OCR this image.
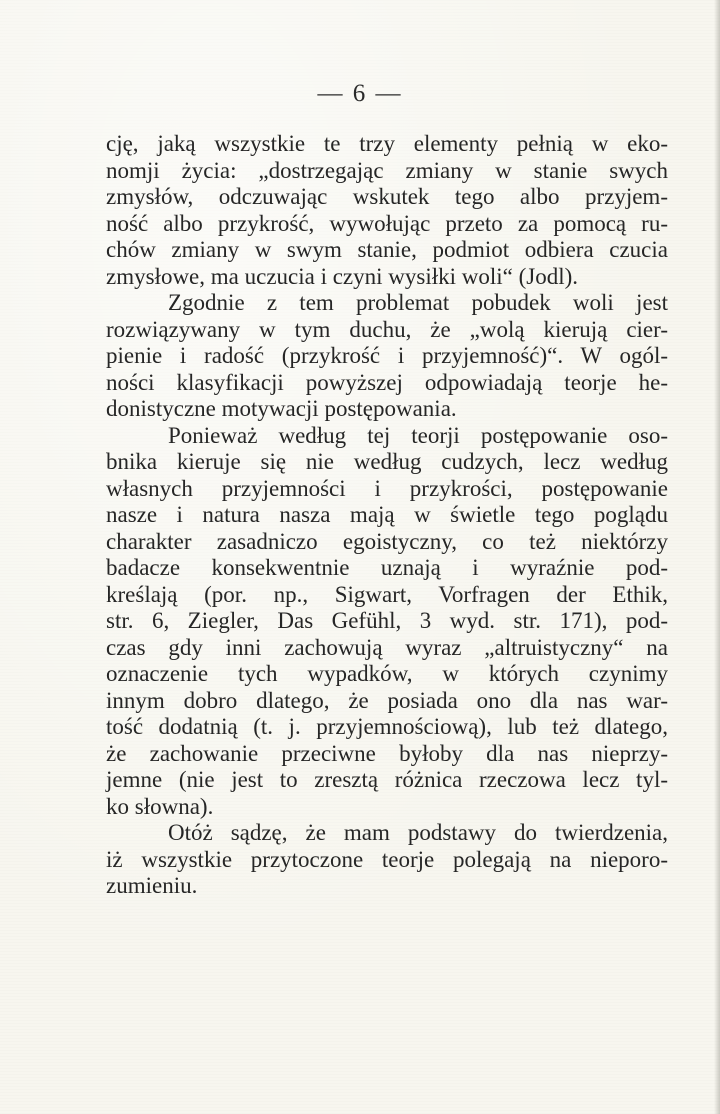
— 6 —
cję, jaką wszystkie te trzy elementy pełnią w eko-
nomji życia: „dostrzegając zmiany w stanie swych
zmysłów, odczuwając wskutek tego albo przyjem-
ność albo przykrość, wywołując przeto za pomocą ru-
chów zmiany w swym stanie, podmiot odbiera czucia
zmysłowe, ma uczucia i czyni wysiłki woli“ (Jodl).
Zgodnie z tem problemat pobudek woli jest
rozwiązywany w tym duchu, że „wolą kierują cier-
pienie i radość (przykrość i przyjemność)“. W ogól-
ności klasyfikacji powyższej odpowiadają teorje he-
donistyczne motywacji postępowania.
Ponieważ według tej teorji postępowanie oso-
bnika kieruje się nie według cudzych, lecz według
własnych przyjemności i przykrości, postępowanie
nasze i natura nasza mają w świetle tego poglądu
charakter zasadniczo egoistyczny, co też niektórzy
badacze konsekwentnie uznają i wyraźnie pod-
kreślają (por. np., Sigwart, Vorfragen der Ethik,
str. 6, Ziegler, Das Gefühl, 3 wyd. str. 171), pod-
czas gdy inni zachowują wyraz „altruistyczny“ na
oznaczenie tych wypadków, w których czynimy
innym dobro dlatego, że posiada ono dla nas war-
tość dodatnią (t. j. przyjemnościową), lub też dlatego,
że zachowanie przeciwne byłoby dla nas nieprzy-
jemne (nie jest to zresztą różnica rzeczowa lecz tyl-
ko słowna).
Otóż sądzę, że mam podstawy do twierdzenia,
iż wszystkie przytoczone teorje polegają na nieporo-
zumieniu.
